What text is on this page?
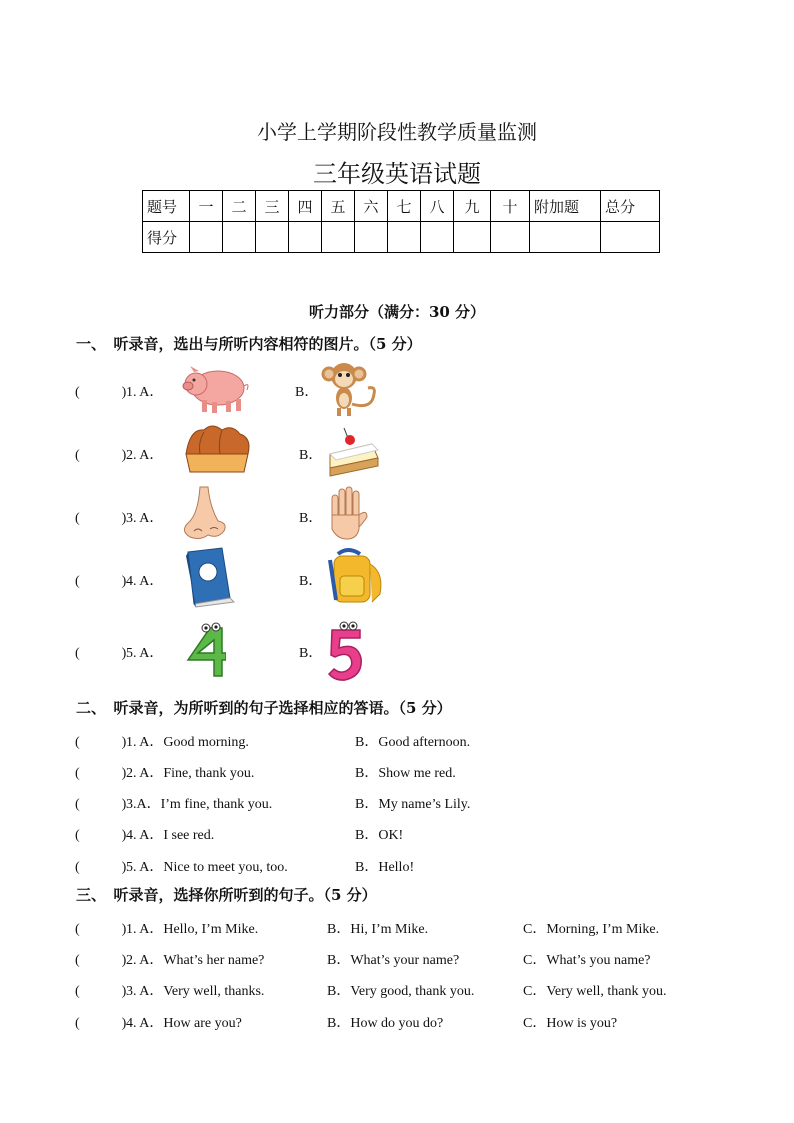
小学上学期阶段性教学质量监测
三年级英语试题
题号	一	二	三	四	五	六	七	八	九	十	附加题	总分
得分												
听力部分（满分：30 分）
一、　听录音，选出与所听内容相符的图片。（5 分）
(　　　) 1. A．	B．
(　　　) 2. A．	B．
(　　　) 3. A．	B．
(　　　) 4. A．	B．
(　　　) 5. A．	B．
二、　听录音，为所听到的句子选择相应的答语。（5 分）
(　　　) 1. A．Good morning.	B．Good afternoon.
(　　　) 2. A．Fine, thank you.	B．Show me red.
(　　　) 3.A．I’m fine, thank you.	B．My name’s Lily.
(　　　) 4. A．I see red.	B．OK!
(　　　) 5. A．Nice to meet you, too.	B．Hello!
三、　听录音，选择你所听到的句子。（5 分）
(　　　) 1. A．Hello, I’m Mike.	B．Hi, I’m Mike.	C．Morning, I’m Mike.
(　　　) 2. A．What’s her name?	B．What’s your name?	C．What’s you name?
(　　　) 3. A．Very well, thanks.	B．Very good, thank you.	C．Very well, thank you.
(　　　) 4. A．How are you?	B．How do you do?	C．How is you?
